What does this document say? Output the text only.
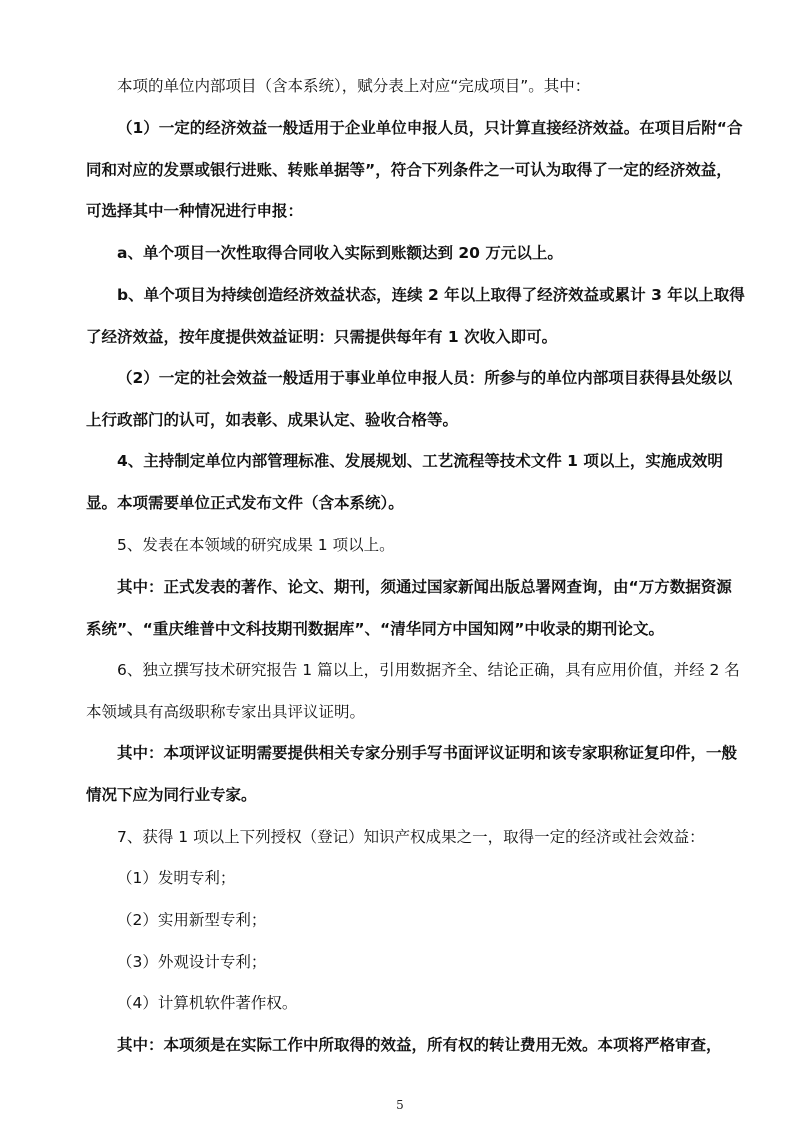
本项的单位内部项目（含本系统），赋分表上对应“完成项目”。其中：

（1）一定的经济效益一般适用于企业单位申报人员，只计算直接经济效益。在项目后附“合同和对应的发票或银行进账、转账单据等”，符合下列条件之一可认为取得了一定的经济效益，可选择其中一种情况进行申报：

a、单个项目一次性取得合同收入实际到账额达到 20 万元以上。

b、单个项目为持续创造经济效益状态，连续 2 年以上取得了经济效益或累计 3 年以上取得了经济效益，按年度提供效益证明：只需提供每年有 1 次收入即可。

（2）一定的社会效益一般适用于事业单位申报人员：所参与的单位内部项目获得县处级以上行政部门的认可，如表彰、成果认定、验收合格等。

4、主持制定单位内部管理标准、发展规划、工艺流程等技术文件 1 项以上，实施成效明显。本项需要单位正式发布文件（含本系统）。

5、发表在本领域的研究成果 1 项以上。

其中：正式发表的著作、论文、期刊，须通过国家新闻出版总署网查询，由“万方数据资源系统”、“重庆维普中文科技期刊数据库”、“清华同方中国知网”中收录的期刊论文。

6、独立撰写技术研究报告 1 篇以上，引用数据齐全、结论正确，具有应用价值，并经 2 名本领域具有高级职称专家出具评议证明。

其中：本项评议证明需要提供相关专家分别手写书面评议证明和该专家职称证复印件，一般情况下应为同行业专家。

7、获得 1 项以上下列授权（登记）知识产权成果之一，取得一定的经济或社会效益：

（1）发明专利；

（2）实用新型专利；

（3）外观设计专利；

（4）计算机软件著作权。

其中：本项须是在实际工作中所取得的效益，所有权的转让费用无效。本项将严格审查，

5
